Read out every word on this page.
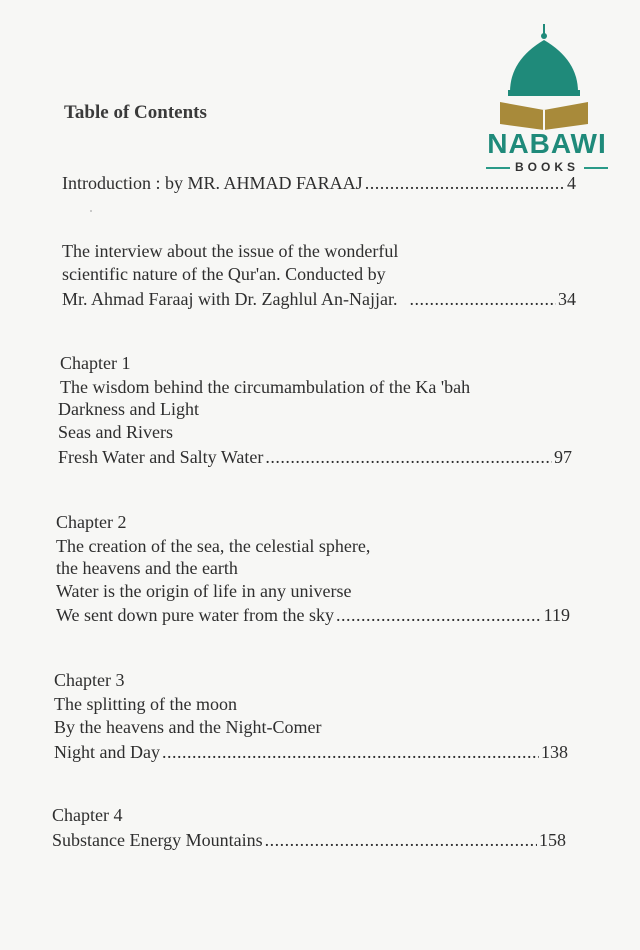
NABAWI
BOOKS
Table of Contents
Introduction : by MR. AHMAD FARAAJ .....	4
The interview about the issue of the wonderful
scientific nature of the Qur'an. Conducted by
Mr. Ahmad Faraaj with Dr. Zaghlul An-Najjar. .....	34
Chapter 1
The wisdom behind the circumambulation of the Ka 'bah
Darkness and Light
Seas and Rivers
Fresh Water and Salty Water .....	97
Chapter 2
The creation of the sea, the celestial sphere,
the heavens and the earth
Water is the origin of life in any universe
We sent down pure water from the sky .....	119
Chapter 3
The splitting of the moon
By the heavens and the Night-Comer
Night and Day .....	138
Chapter 4
Substance Energy Mountains .....	158
